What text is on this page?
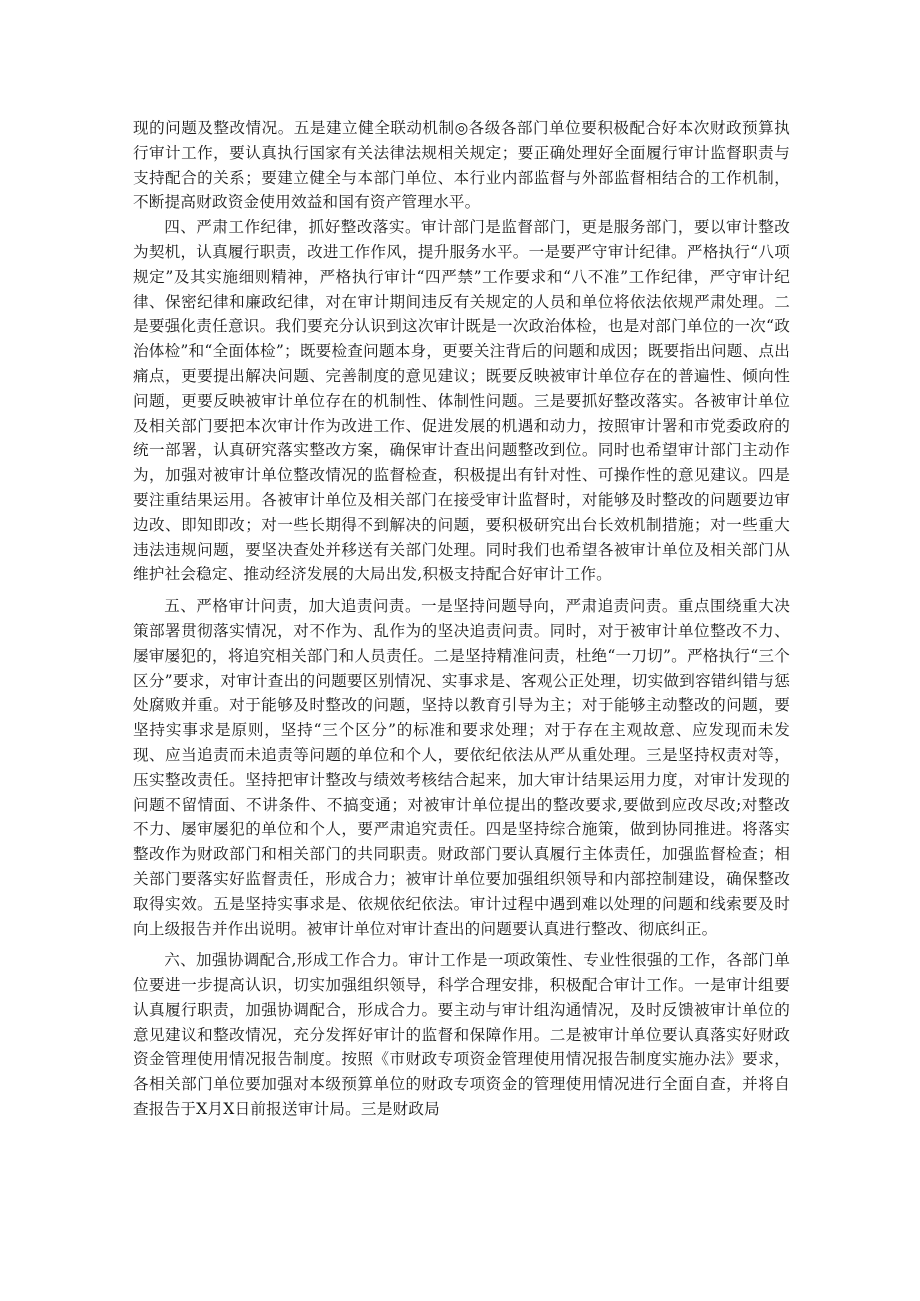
现的问题及整改情况。五是建立健全联动机制◎各级各部门单位要积极配合好本次财政预算执行审计工作，要认真执行国家有关法律法规相关规定；要正确处理好全面履行审计监督职责与支持配合的关系；要建立健全与本部门单位、本行业内部监督与外部监督相结合的工作机制，不断提高财政资金使用效益和国有资产管理水平。

四、严肃工作纪律，抓好整改落实。审计部门是监督部门，更是服务部门，要以审计整改为契机，认真履行职责，改进工作作风，提升服务水平。一是要严守审计纪律。严格执行“八项规定”及其实施细则精神，严格执行审计“四严禁”工作要求和“八不准”工作纪律，严守审计纪律、保密纪律和廉政纪律，对在审计期间违反有关规定的人员和单位将依法依规严肃处理。二是要强化责任意识。我们要充分认识到这次审计既是一次政治体检，也是对部门单位的一次“政治体检”和“全面体检”；既要检查问题本身，更要关注背后的问题和成因；既要指出问题、点出痛点，更要提出解决问题、完善制度的意见建议；既要反映被审计单位存在的普遍性、倾向性问题，更要反映被审计单位存在的机制性、体制性问题。三是要抓好整改落实。各被审计单位及相关部门要把本次审计作为改进工作、促进发展的机遇和动力，按照审计署和市党委政府的统一部署，认真研究落实整改方案，确保审计查出问题整改到位。同时也希望审计部门主动作为，加强对被审计单位整改情况的监督检查，积极提出有针对性、可操作性的意见建议。四是要注重结果运用。各被审计单位及相关部门在接受审计监督时，对能够及时整改的问题要边审边改、即知即改；对一些长期得不到解决的问题，要积极研究出台长效机制措施；对一些重大违法违规问题，要坚决查处并移送有关部门处理。同时我们也希望各被审计单位及相关部门从维护社会稳定、推动经济发展的大局出发,积极支持配合好审计工作。

五、严格审计问责，加大追责问责。一是坚持问题导向，严肃追责问责。重点围绕重大决策部署贯彻落实情况，对不作为、乱作为的坚决追责问责。同时，对于被审计单位整改不力、屡审屡犯的，将追究相关部门和人员责任。二是坚持精准问责，杜绝“一刀切”。严格执行“三个区分”要求，对审计查出的问题要区别情况、实事求是、客观公正处理，切实做到容错纠错与惩处腐败并重。对于能够及时整改的问题，坚持以教育引导为主；对于能够主动整改的问题，要坚持实事求是原则，坚持“三个区分”的标准和要求处理；对于存在主观故意、应发现而未发现、应当追责而未追责等问题的单位和个人，要依纪依法从严从重处理。三是坚持权责对等，压实整改责任。坚持把审计整改与绩效考核结合起来，加大审计结果运用力度，对审计发现的问题不留情面、不讲条件、不搞变通；对被审计单位提出的整改要求,要做到应改尽改;对整改不力、屡审屡犯的单位和个人，要严肃追究责任。四是坚持综合施策，做到协同推进。将落实整改作为财政部门和相关部门的共同职责。财政部门要认真履行主体责任，加强监督检查；相关部门要落实好监督责任，形成合力；被审计单位要加强组织领导和内部控制建设，确保整改取得实效。五是坚持实事求是、依规依纪依法。审计过程中遇到难以处理的问题和线索要及时向上级报告并作出说明。被审计单位对审计查出的问题要认真进行整改、彻底纠正。

六、加强协调配合,形成工作合力。审计工作是一项政策性、专业性很强的工作，各部门单位要进一步提高认识，切实加强组织领导，科学合理安排，积极配合审计工作。一是审计组要认真履行职责，加强协调配合，形成合力。要主动与审计组沟通情况，及时反馈被审计单位的意见建议和整改情况，充分发挥好审计的监督和保障作用。二是被审计单位要认真落实好财政资金管理使用情况报告制度。按照《市财政专项资金管理使用情况报告制度实施办法》要求，各相关部门单位要加强对本级预算单位的财政专项资金的管理使用情况进行全面自查，并将自查报告于X月X日前报送审计局。三是财政局
